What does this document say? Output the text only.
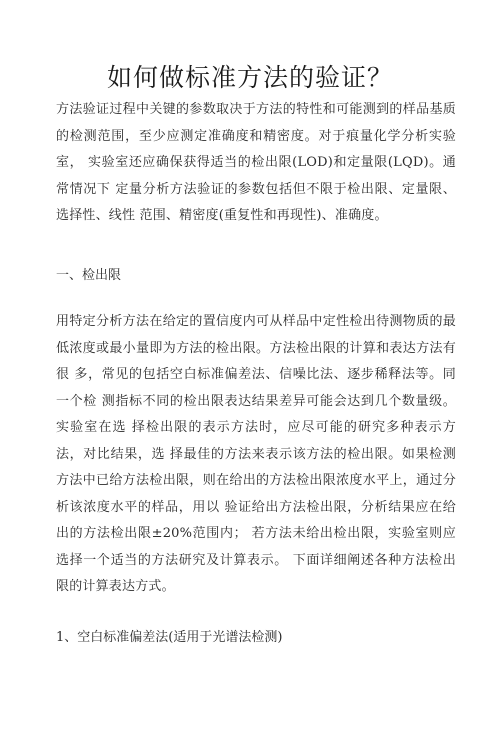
如何做标准方法的验证？

方法验证过程中关键的参数取决于方法的特性和可能测到的样品基质 的检测范围，至少应测定准确度和精密度。对于痕量化学分析实验室， 实验室还应确保获得适当的检出限(LOD)和定量限(LQD)。通常情况下 定量分析方法验证的参数包括但不限于检出限、定量限、选择性、线性 范围、精密度(重复性和再现性)、准确度。

一、检出限

用特定分析方法在给定的置信度内可从样品中定性检出待测物质的最 低浓度或最小量即为方法的检出限。方法检出限的计算和表达方法有很 多，常见的包括空白标准偏差法、信噪比法、逐步稀释法等。同一个检 测指标不同的检出限表达结果差异可能会达到几个数量级。实验室在选 择检出限的表示方法时，应尽可能的研究多种表示方法，对比结果，选 择最佳的方法来表示该方法的检出限。如果检测方法中已给方法检出限，则在给出的方法检出限浓度水平上，通过分析该浓度水平的样品，用以 验证给出方法检出限，分析结果应在给出的方法检出限±20%范围内； 若方法未给出检出限，实验室则应选择一个适当的方法研究及计算表示。 下面详细阐述各种方法检出限的计算表达方式。

1、空白标准偏差法(适用于光谱法检测)
